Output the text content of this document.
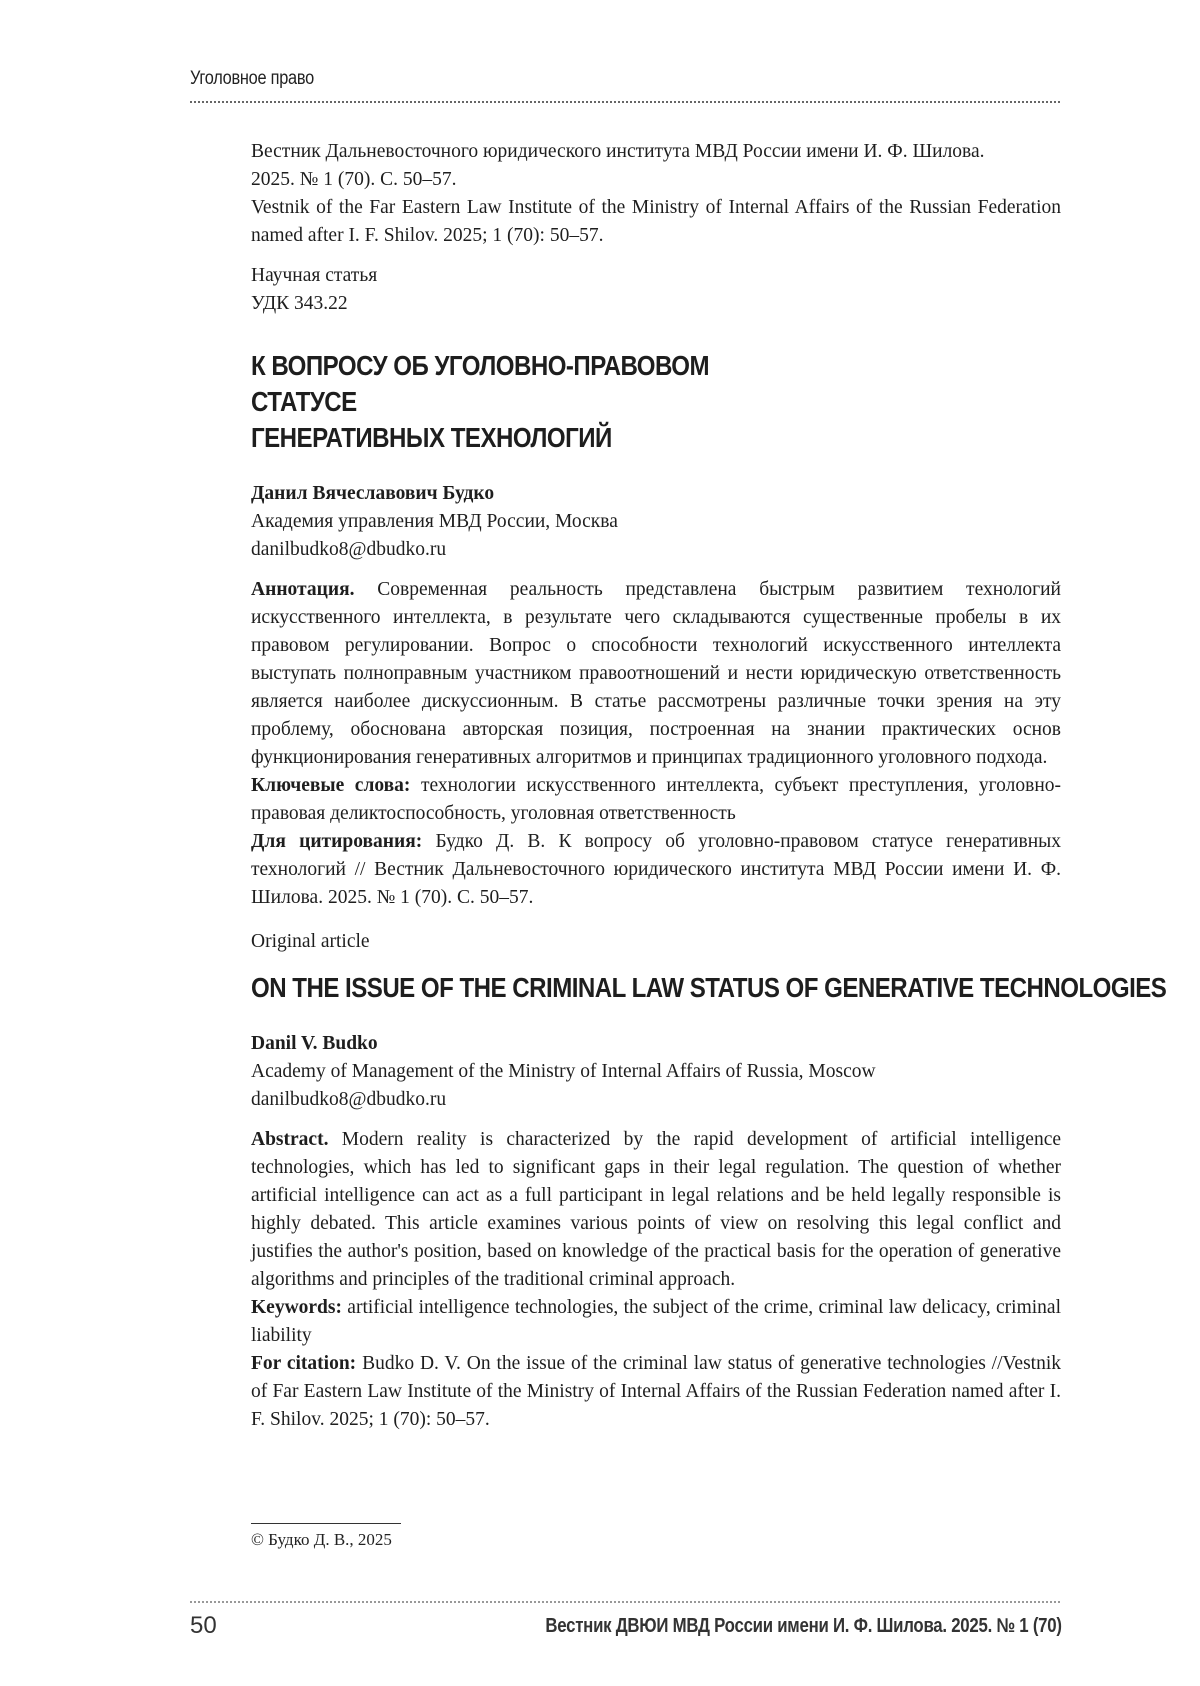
Уголовное право

Вестник Дальневосточного юридического института МВД России имени И. Ф. Шилова.

2025. № 1 (70). С. 50–57.

Vestnik of the Far Eastern Law Institute of the Ministry of Internal Affairs of the Russian Federation named after I. F. Shilov. 2025; 1 (70): 50–57.

Научная статья

УДК 343.22

К ВОПРОСУ ОБ УГОЛОВНО-ПРАВОВОМ СТАТУСЕ
ГЕНЕРАТИВНЫХ ТЕХНОЛОГИЙ

Данил Вячеславович Будко

Академия управления МВД России, Москва

danilbudko8@dbudko.ru

Аннотация. Современная реальность представлена быстрым развитием технологий искусственного интеллекта, в результате чего складываются существенные пробелы в их правовом регулировании. Вопрос о способности технологий искусственного интеллекта выступать полноправным участником правоотношений и нести юридическую ответственность является наиболее дискуссионным. В статье рассмотрены различные точки зрения на эту проблему, обоснована авторская позиция, построенная на знании практических основ функционирования генеративных алгоритмов и принципах традиционного уголовного подхода.

Ключевые слова: технологии искусственного интеллекта, субъект преступления, уголовно-правовая деликтоспособность, уголовная ответственность

Для цитирования: Будко Д. В. К вопросу об уголовно-правовом статусе генеративных технологий // Вестник Дальневосточного юридического института МВД России имени И. Ф. Шилова. 2025. № 1 (70). С. 50–57.

Original article

ON THE ISSUE OF THE CRIMINAL LAW STATUS OF GENERATIVE TECHNOLOGIES

Danil V. Budko

Academy of Management of the Ministry of Internal Affairs of Russia, Moscow

danilbudko8@dbudko.ru

Abstract. Modern reality is characterized by the rapid development of artificial intelligence technologies, which has led to significant gaps in their legal regulation. The question of whether artificial intelligence can act as a full participant in legal relations and be held legally responsible is highly debated. This article examines various points of view on resolving this legal conflict and justifies the author's position, based on knowledge of the practical basis for the operation of generative algorithms and principles of the traditional criminal approach.

Keywords: artificial intelligence technologies, the subject of the crime, criminal law delicacy, criminal liability

For citation: Budko D. V. On the issue of the criminal law status of generative technologies //Vestnik of Far Eastern Law Institute of the Ministry of Internal Affairs of the Russian Federation named after I. F. Shilov. 2025; 1 (70): 50–57.

© Будко Д. В., 2025
50	Вестник ДВЮИ МВД России имени И. Ф. Шилова. 2025. № 1 (70)
